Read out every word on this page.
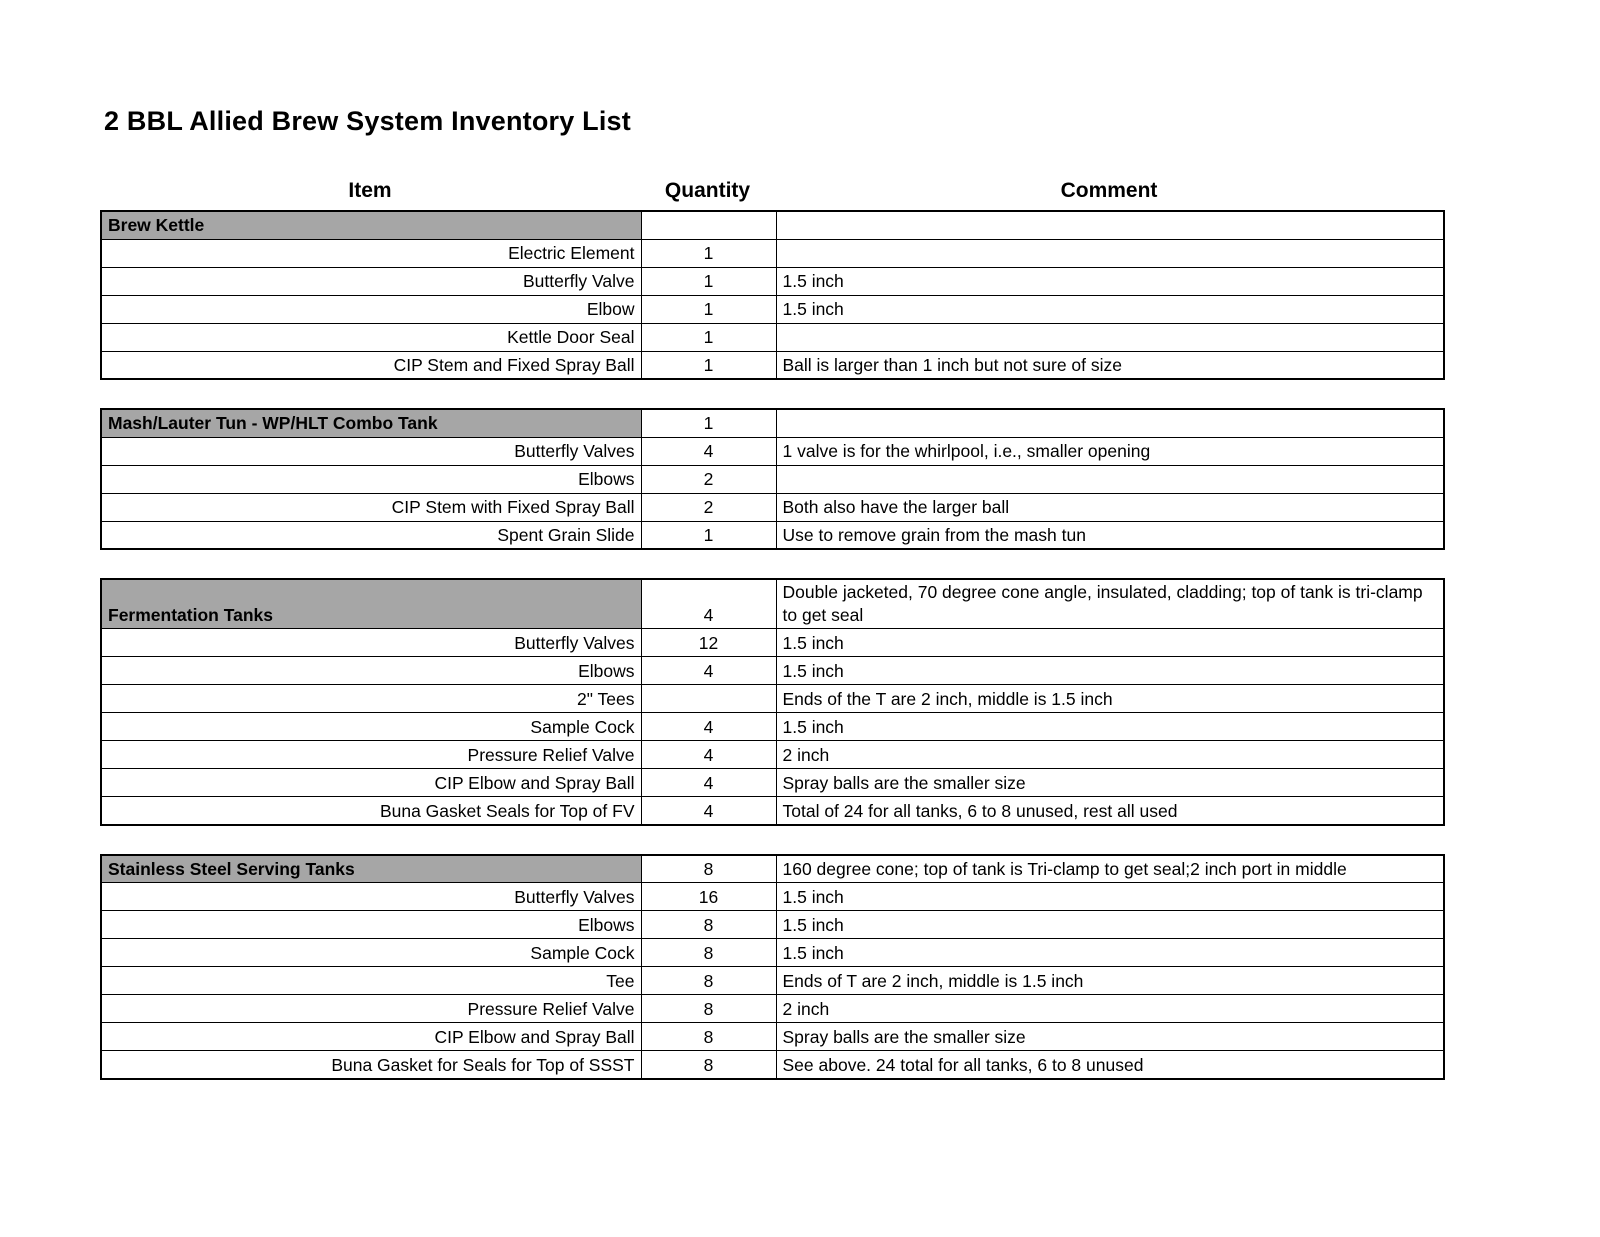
2 BBL Allied Brew System Inventory List
Item	Quantity	Comment
Brew Kettle		
Electric Element	1	
Butterfly Valve	1	1.5 inch
Elbow	1	1.5 inch
Kettle Door Seal	1	
CIP Stem and Fixed Spray Ball	1	Ball is larger than 1 inch but not sure of size
Mash/Lauter Tun - WP/HLT Combo Tank	1	
Butterfly Valves	4	1 valve is for the whirlpool, i.e., smaller opening
Elbows	2	
CIP Stem with Fixed Spray Ball	2	Both also have the larger ball
Spent Grain Slide	1	Use to remove grain from the mash tun
Fermentation Tanks	4	Double jacketed, 70 degree cone angle, insulated, cladding; top of tank is tri-clamp to get seal
Butterfly Valves	12	1.5 inch
Elbows	4	1.5 inch
2" Tees		Ends of the T are 2 inch, middle is 1.5 inch
Sample Cock	4	1.5 inch
Pressure Relief Valve	4	2 inch
CIP Elbow and Spray Ball	4	Spray balls are the smaller size
Buna Gasket Seals for Top of FV	4	Total of 24 for all tanks, 6 to 8 unused, rest all used
Stainless Steel Serving Tanks	8	160 degree cone; top of tank is Tri-clamp to get seal;2 inch port in middle
Butterfly Valves	16	1.5 inch
Elbows	8	1.5 inch
Sample Cock	8	1.5 inch
Tee	8	Ends of T are 2 inch, middle is 1.5 inch
Pressure Relief Valve	8	2 inch
CIP Elbow and Spray Ball	8	Spray balls are the smaller size
Buna Gasket for Seals for Top of SSST	8	See above. 24 total for all tanks, 6 to 8 unused
